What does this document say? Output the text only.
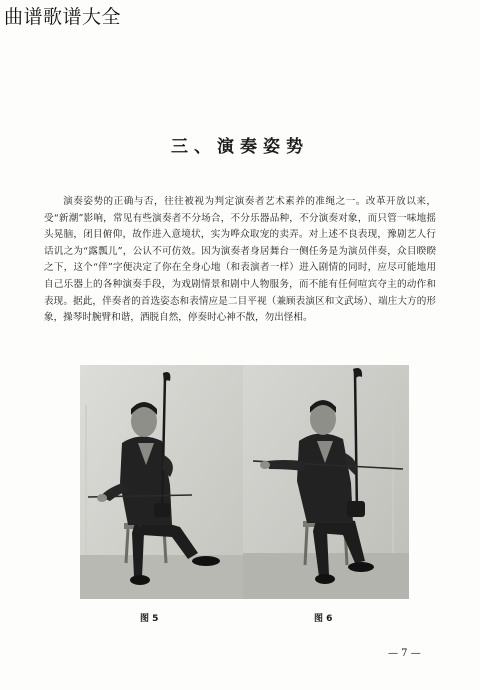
曲谱歌谱大全
三、演奏姿势

演奏姿势的正确与否，往往被视为判定演奏者艺术素养的准绳之一。改革开放以来，受“新潮”影响，常见有些演奏者不分场合，不分乐器品种，不分演奏对象，而只管一味地摇头晃脑，闭目俯仰，故作进入意境状，实为哗众取宠的卖弄。对上述不良表现，豫剧艺人行话讥之为“露瓢儿”，公认不可仿效。因为演奏者身居舞台一侧任务是为演员伴奏，众目睽睽之下，这个“伴”字便决定了你在全身心地（和表演者一样）进入剧情的同时，应尽可能地用自己乐器上的各种演奏手段，为戏剧情景和剧中人物服务，而不能有任何喧宾夺主的动作和表现。据此，伴奏者的首选姿态和表情应是二目平视（兼顾表演区和文武场）、端庄大方的形象，操琴时腕臂和谐，洒脱自然，停奏时心神不散，勿出怪相。

图 5	图 6
— 7 —
